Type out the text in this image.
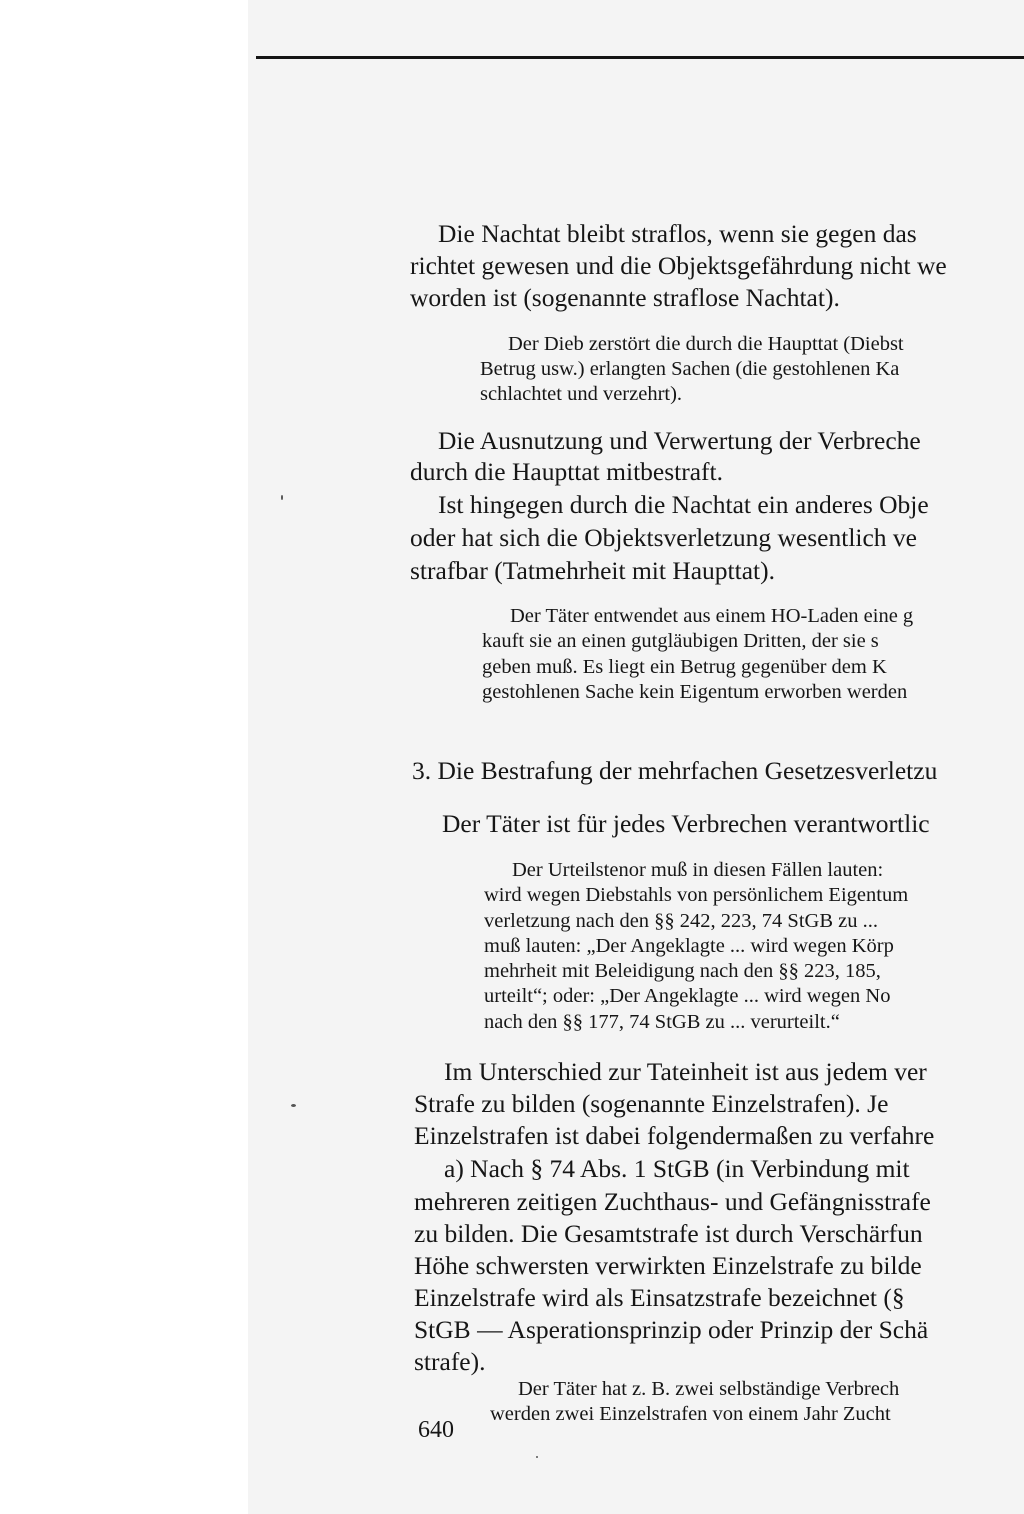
Die Nachtat bleibt straflos, wenn sie gegen das
richtet gewesen und die Objektsgefährdung nicht we
worden ist (sogenannte straflose Nachtat).
Der Dieb zerstört die durch die Haupttat (Diebst
Betrug usw.) erlangten Sachen (die gestohlenen Ka
schlachtet und verzehrt).
Die Ausnutzung und Verwertung der Verbreche
durch die Haupttat mitbestraft.
Ist hingegen durch die Nachtat ein anderes Obje
oder hat sich die Objektsverletzung wesentlich ve
strafbar (Tatmehrheit mit Haupttat).
Der Täter entwendet aus einem HO-Laden eine g
kauft sie an einen gutgläubigen Dritten, der sie s
geben muß. Es liegt ein Betrug gegenüber dem K
gestohlenen Sache kein Eigentum erworben werden
3. Die Bestrafung der mehrfachen Gesetzesverletzu
Der Täter ist für jedes Verbrechen verantwortlic
Der Urteilstenor muß in diesen Fällen lauten:
wird wegen Diebstahls von persönlichem Eigentum
verletzung nach den §§ 242, 223, 74 StGB zu ...
muß lauten: „Der Angeklagte ... wird wegen Körp
mehrheit mit Beleidigung nach den §§ 223, 185,
urteilt“; oder: „Der Angeklagte ... wird wegen No
nach den §§ 177, 74 StGB zu ... verurteilt.“
Im Unterschied zur Tateinheit ist aus jedem ver
Strafe zu bilden (sogenannte Einzelstrafen). Je
Einzelstrafen ist dabei folgendermaßen zu verfahre
a) Nach § 74 Abs. 1 StGB (in Verbindung mit
mehreren zeitigen Zuchthaus- und Gefängnisstrafe
zu bilden. Die Gesamtstrafe ist durch Verschärfun
Höhe schwersten verwirkten Einzelstrafe zu bilde
Einzelstrafe wird als Einsatzstrafe bezeichnet (§
StGB — Asperationsprinzip oder Prinzip der Schä
strafe).
Der Täter hat z. B. zwei selbständige Verbrech
werden zwei Einzelstrafen von einem Jahr Zucht
640
